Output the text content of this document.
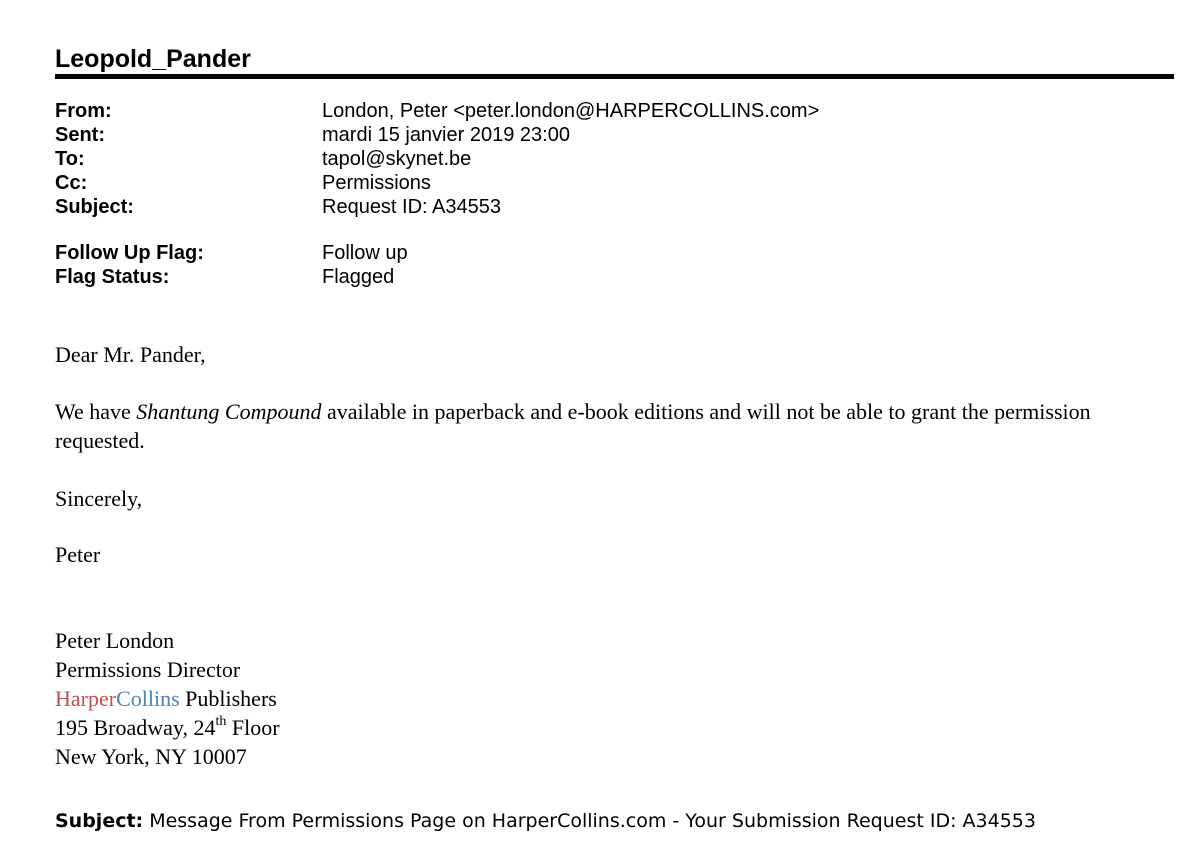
Leopold_Pander
From:	London, Peter <peter.london@HARPERCOLLINS.com>
Sent:	mardi 15 janvier 2019 23:00
To:	tapol@skynet.be
Cc:	Permissions
Subject:	Request ID: A34553
Follow Up Flag:	Follow up
Flag Status:	Flagged

Dear Mr. Pander,

We have Shantung Compound available in paperback and e-book editions and will not be able to grant the permission requested.

Sincerely,

Peter

Peter London
Permissions Director
HarperCollins Publishers
195 Broadway, 24th Floor
New York, NY 10007
Subject: Message From Permissions Page on HarperCollins.com - Your Submission Request ID: A34553
